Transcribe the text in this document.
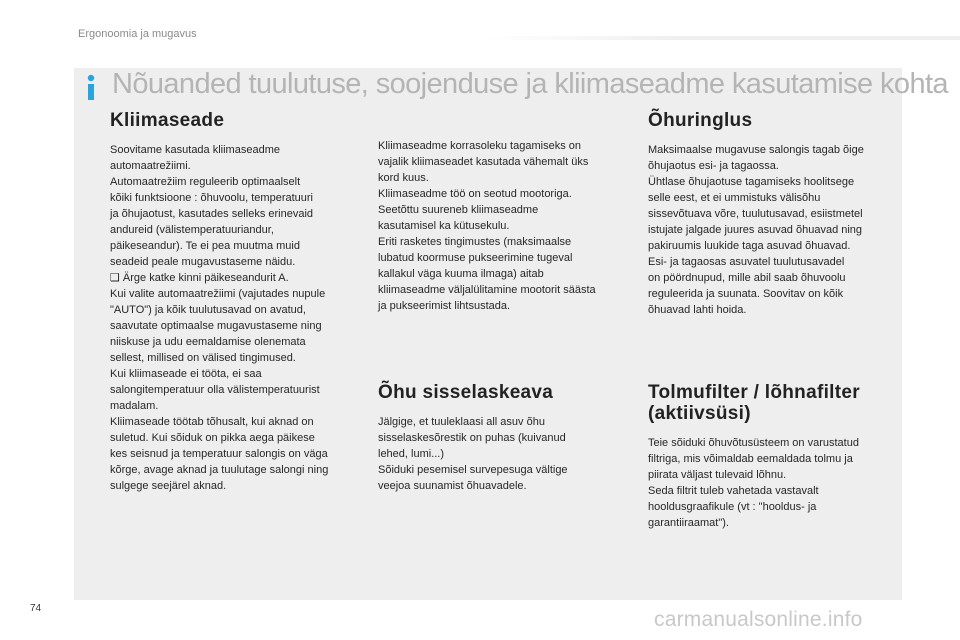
Ergonoomia ja mugavus
Nõuanded tuulutuse, soojenduse ja kliimaseadme kasutamise kohta
Kliimaseade

Soovitame kasutada kliimaseadme
automaatrežiimi.
Automaatrežiim reguleerib optimaalselt
kõiki funktsioone : õhuvoolu, temperatuuri
ja õhujaotust, kasutades selleks erinevaid
andureid (välistemperatuuriandur,
päikeseandur). Te ei pea muutma muid
seadeid peale mugavustaseme näidu.
❑ Ärge katke kinni päikeseandurit A.
Kui valite automaatrežiimi (vajutades nupule
"AUTO") ja kõik tuulutusavad on avatud,
saavutate optimaalse mugavustaseme ning
niiskuse ja udu eemaldamise olenemata
sellest, millised on välised tingimused.
Kui kliimaseade ei tööta, ei saa
salongitemperatuur olla välistemperatuurist
madalam.
Kliimaseade töötab tõhusalt, kui aknad on
suletud. Kui sõiduk on pikka aega päikese
kes seisnud ja temperatuur salongis on väga
kõrge, avage aknad ja tuulutage salongi ning
sulgege seejärel aknad.

Kliimaseadme korrasoleku tagamiseks on
vajalik kliimaseadet kasutada vähemalt üks
kord kuus.
Kliimaseadme töö on seotud mootoriga.
Seetõttu suureneb kliimaseadme
kasutamisel ka kütusekulu.
Eriti rasketes tingimustes (maksimaalse
lubatud koormuse pukseerimine tugeval
kallakul väga kuuma ilmaga) aitab
kliimaseadme väljalülitamine mootorit säästa
ja pukseerimist lihtsustada.

Õhu sisselaskeava

Jälgige, et tuuleklaasi all asuv õhu
sisselaskesõrestik on puhas (kuivanud
lehed, lumi...)
Sõiduki pesemisel survepesuga vältige
veejoa suunamist õhuavadele.

Õhuringlus

Maksimaalse mugavuse salongis tagab õige
õhujaotus esi- ja tagaossa.
Ühtlase õhujaotuse tagamiseks hoolitsege
selle eest, et ei ummistuks välisõhu
sissevõtuava võre, tuulutusavad, esiistmetel
istujate jalgade juures asuvad õhuavad ning
pakiruumis luukide taga asuvad õhuavad.
Esi- ja tagaosas asuvatel tuulutusavadel
on pöördnupud, mille abil saab õhuvoolu
reguleerida ja suunata. Soovitav on kõik
õhuavad lahti hoida.

Tolmufilter / lõhnafilter
(aktiivsüsi)

Teie sõiduki õhuvõtusüsteem on varustatud
filtriga, mis võimaldab eemaldada tolmu ja
piirata väljast tulevaid lõhnu.
Seda filtrit tuleb vahetada vastavalt
hooldusgraafikule (vt : "hooldus- ja
garantiiraamat").

74	carmanualsonline.info
